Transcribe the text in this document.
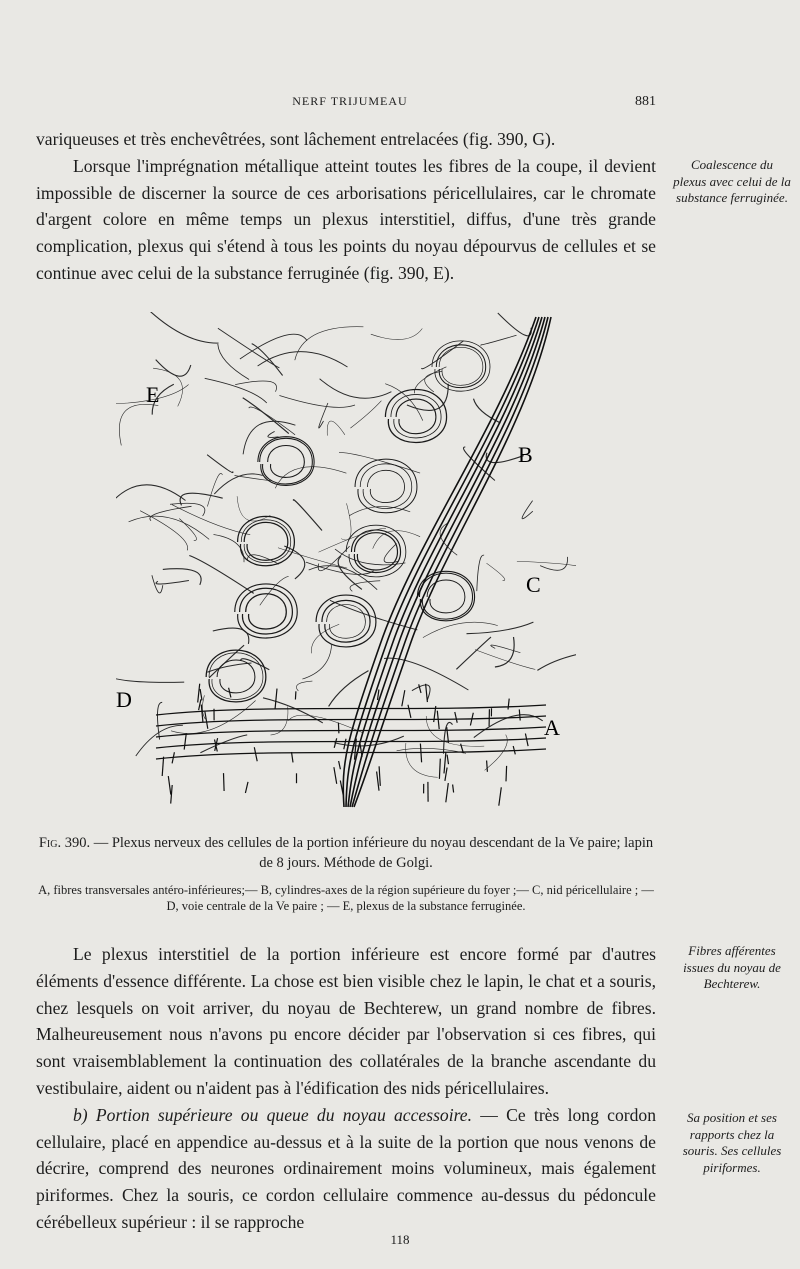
NERF TRIJUMEAU	881

variqueuses et très enchevêtrées, sont lâchement entrelacées (fig. 390, G).

Lorsque l'imprégnation métallique atteint toutes les fibres de la coupe, il devient impossible de discerner la source de ces arborisations péricellulaires, car le chromate d'argent colore en même temps un plexus interstitiel, diffus, d'une très grande complication, plexus qui s'étend à tous les points du noyau dépourvus de cellules et se continue avec celui de la substance ferruginée (fig. 390, E).

Coalescence du plexus avec celui de la substance ferruginée.
E
B
C
D
A
Fig. 390. — Plexus nerveux des cellules de la portion inférieure du noyau descendant de la Ve paire; lapin de 8 jours. Méthode de Golgi.
A, fibres transversales antéro-inférieures;— B, cylindres-axes de la région supérieure du foyer ;— C, nid péricellulaire ; — D, voie centrale de la Ve paire ; — E, plexus de la substance ferruginée.

Le plexus interstitiel de la portion inférieure est encore formé par d'autres éléments d'essence différente. La chose est bien visible chez le lapin, le chat et a souris, chez lesquels on voit arriver, du noyau de Bechterew, un grand nombre de fibres. Malheureusement nous n'avons pu encore décider par l'observation si ces fibres, qui sont vraisemblablement la continuation des collatérales de la branche ascendante du vestibulaire, aident ou n'aident pas à l'édification des nids péricellulaires.

b) Portion supérieure ou queue du noyau accessoire. — Ce très long cordon cellulaire, placé en appendice au-dessus et à la suite de la portion que nous venons de décrire, comprend des neurones ordinairement moins volumineux, mais également piriformes. Chez la souris, ce cordon cellulaire commence au-dessus du pédoncule cérébelleux supérieur : il se rapproche

Fibres afférentes issues du noyau de Bechterew.
Sa position et ses rapports chez la souris. Ses cellules piriformes.
118
